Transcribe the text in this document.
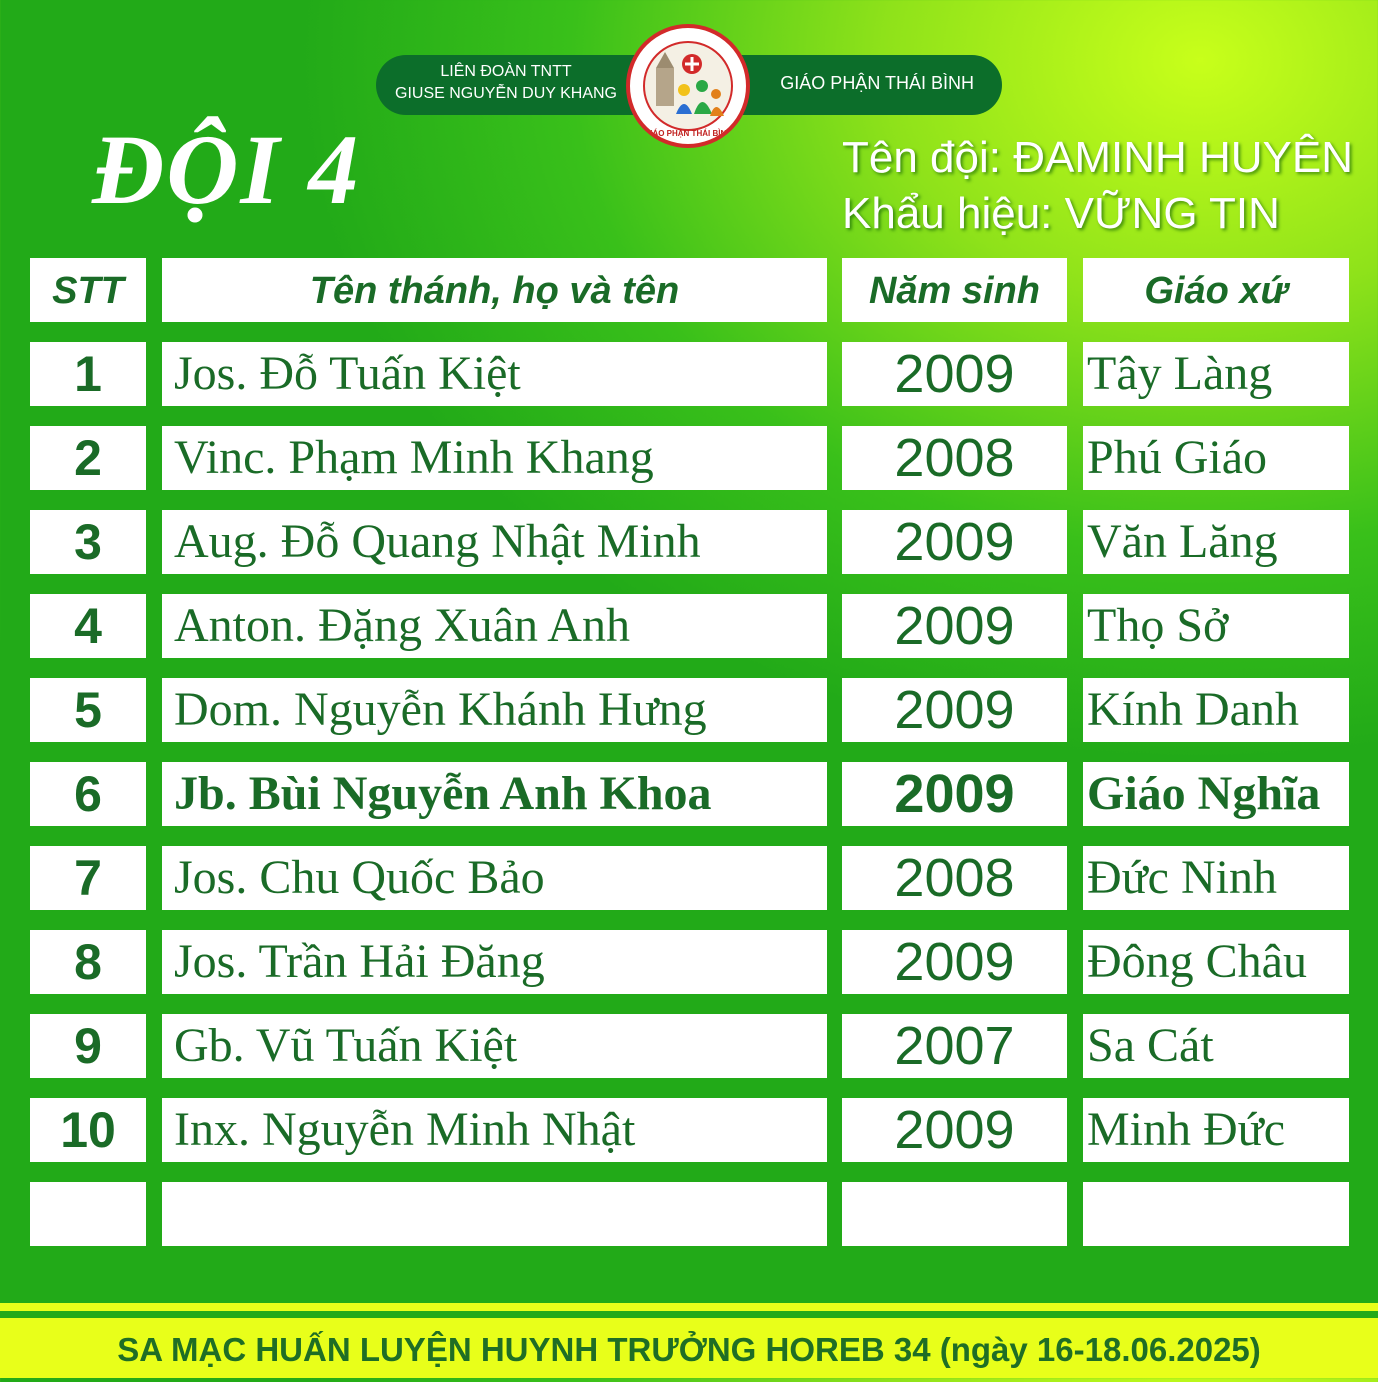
LIÊN ĐOÀN TNTT
GIUSE NGUYỄN DUY KHANG
GIÁO PHẬN THÁI BÌNH
GIÁO PHẬN THÁI BÌNH
ĐỘI 4	Tên đội: ĐAMINH HUYÊN
Khẩu hiệu: VỮNG TIN
STT	Tên thánh, họ và tên	Năm sinh	Giáo xứ
1	Jos. Đỗ Tuấn Kiệt	2009	Tây Làng
2	Vinc. Phạm Minh Khang	2008	Phú Giáo
3	Aug. Đỗ Quang Nhật Minh	2009	Văn Lăng
4	Anton. Đặng Xuân Anh	2009	Thọ Sở
5	Dom. Nguyễn Khánh Hưng	2009	Kính Danh
6	Jb. Bùi Nguyễn Anh Khoa	2009	Giáo Nghĩa
7	Jos. Chu Quốc Bảo	2008	Đức Ninh
8	Jos. Trần Hải Đăng	2009	Đông Châu
9	Gb. Vũ Tuấn Kiệt	2007	Sa Cát
10	Inx. Nguyễn Minh Nhật	2009	Minh Đức
SA MẠC HUẤN LUYỆN HUYNH TRƯỞNG HOREB 34 (ngày 16-18.06.2025)
